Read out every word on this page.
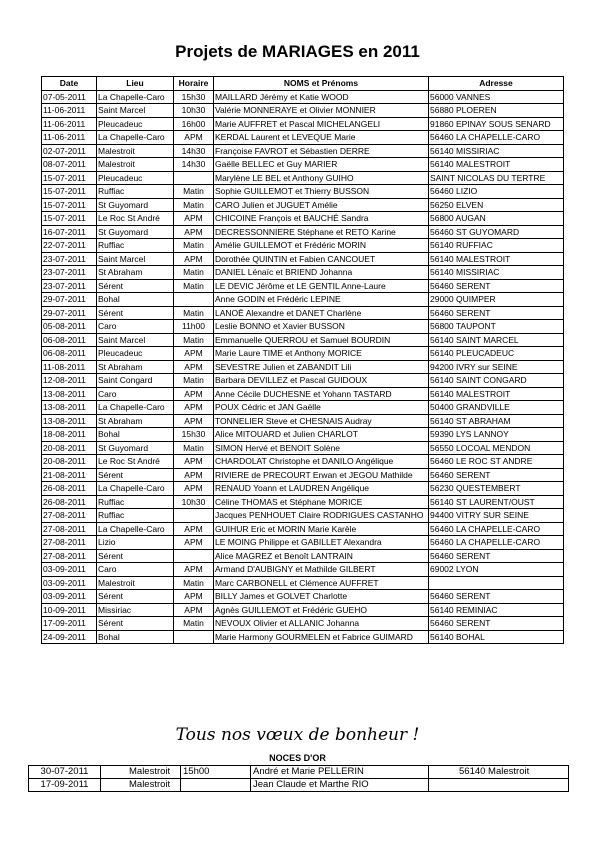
Projets de MARIAGES en 2011
Date	Lieu	Horaire	NOMS et Prénoms	Adresse
07-05-2011	La Chapelle-Caro	15h30	MAILLARD Jérémy et Katie WOOD	56000 VANNES
11-06-2011	Saint Marcel	10h30	Valérie MONNERAYE et Olivier MONNIER	56880 PLOEREN
11-06-2011	Pleucadeuc	16h00	Marie AUFFRET et Pascal MICHELANGELI	91860 EPINAY SOUS SENARD
11-06-2011	La Chapelle-Caro	APM	KERDAL Laurent et LEVEQUE Marie	56460 LA CHAPELLE-CARO
02-07-2011	Malestroit	14h30	Françoise FAVROT et Sébastien DERRE	56140 MISSIRIAC
08-07-2011	Malestroit	14h30	Gaëlle BELLEC et Guy MARIER	56140 MALESTROIT
15-07-2011	Pleucadeuc		Marylène LE BEL et Anthony GUIHO	SAINT NICOLAS DU TERTRE
15-07-2011	Ruffiac	Matin	Sophie GUILLEMOT et Thierry BUSSON	56460 LIZIO
15-07-2011	St Guyomard	Matin	CARO Julien et JUGUET Amélie	56250 ELVEN
15-07-2011	Le Roc St André	APM	CHICOINE François et BAUCHÉ Sandra	56800 AUGAN
16-07-2011	St Guyomard	APM	DECRESSONNIERE Stéphane et RETO Karine	56460 ST GUYOMARD
22-07-2011	Ruffiac	Matin	Amélie GUILLEMOT et Frédéric MORIN	56140 RUFFIAC
23-07-2011	Saint Marcel	APM	Dorothée QUINTIN et Fabien CANCOUET	56140 MALESTROIT
23-07-2011	St Abraham	Matin	DANIEL Lénaïc et BRIEND Johanna	56140 MISSIRIAC
23-07-2011	Sérent	Matin	LE DEVIC Jérôme et LE GENTIL Anne-Laure	56460 SERENT
29-07-2011	Bohal		Anne GODIN et Frédéric LEPINE	29000 QUIMPER
29-07-2011	Sérent	Matin	LANOË Alexandre et DANET Charlène	56460 SERENT
05-08-2011	Caro	11h00	Leslie BONNO et Xavier BUSSON	56800 TAUPONT
06-08-2011	Saint Marcel	Matin	Emmanuelle QUERROU et Samuel BOURDIN	56140 SAINT MARCEL
06-08-2011	Pleucadeuc	APM	Marie Laure TIME et Anthony MORICE	56140 PLEUCADEUC
11-08-2011	St Abraham	APM	SEVESTRE Julien et ZABANDIT Lili	94200 IVRY sur SEINE
12-08-2011	Saint Congard	Matin	Barbara DEVILLEZ et Pascal GUIDOUX	56140 SAINT CONGARD
13-08-2011	Caro	APM	Anne Cécile DUCHESNE et Yohann TASTARD	56140 MALESTROIT
13-08-2011	La Chapelle-Caro	APM	POUX Cédric et JAN Gaëlle	50400 GRANDVILLE
13-08-2011	St Abraham	APM	TONNELIER Steve et CHESNAIS Audray	56140 ST ABRAHAM
18-08-2011	Bohal	15h30	Alice MITOUARD et Julien CHARLOT	59390 LYS LANNOY
20-08-2011	St Guyomard	Matin	SIMON Hervé et BENOIT Solène	56550 LOCOAL MENDON
20-08-2011	Le Roc St André	APM	CHARDOLAT Christophe et DANILO Angélique	56460 LE ROC ST ANDRE
21-08-2011	Sérent	APM	RIVIERE de PRECOURT Erwan et JEGOU Mathilde	56460 SERENT
26-08-2011	La Chapelle-Caro	APM	RENAUD Yoann et LAUDREN Angélique	56230 QUESTEMBERT
26-08-2011	Ruffiac	10h30	Céline THOMAS et Stéphane MORICE	56140 ST LAURENT/OUST
27-08-2011	Ruffiac		Jacques PENHOUET Claire RODRIGUES CASTANHO	94400 VITRY SUR SEINE
27-08-2011	La Chapelle-Caro	APM	GUIHUR Eric et MORIN Marie Karèle	56460 LA CHAPELLE-CARO
27-08-2011	Lizio	APM	LE MOING Philippe et GABILLET Alexandra	56460 LA CHAPELLE-CARO
27-08-2011	Sérent		Alice MAGREZ et Benoît LANTRAIN	56460 SERENT
03-09-2011	Caro	APM	Armand D'AUBIGNY et Mathilde GILBERT	69002 LYON
03-09-2011	Malestroit	Matin	Marc CARBONELL et Clémence AUFFRET	
03-09-2011	Sérent	APM	BILLY James et GOLVET Charlotte	56460 SERENT
10-09-2011	Missiriac	APM	Agnès GUILLEMOT et Frédéric GUEHO	56140 REMINIAC
17-09-2011	Sérent	Matin	NEVOUX Olivier et ALLANIC Johanna	56460 SERENT
24-09-2011	Bohal		Marie Harmony GOURMELEN et Fabrice GUIMARD	56140 BOHAL
Tous nos vœux de bonheur !
NOCES D'OR
30-07-2011	Malestroit	15h00	André et Marie PELLERIN	56140 Malestroit
17-09-2011	Malestroit		Jean Claude et Marthe RIO	
